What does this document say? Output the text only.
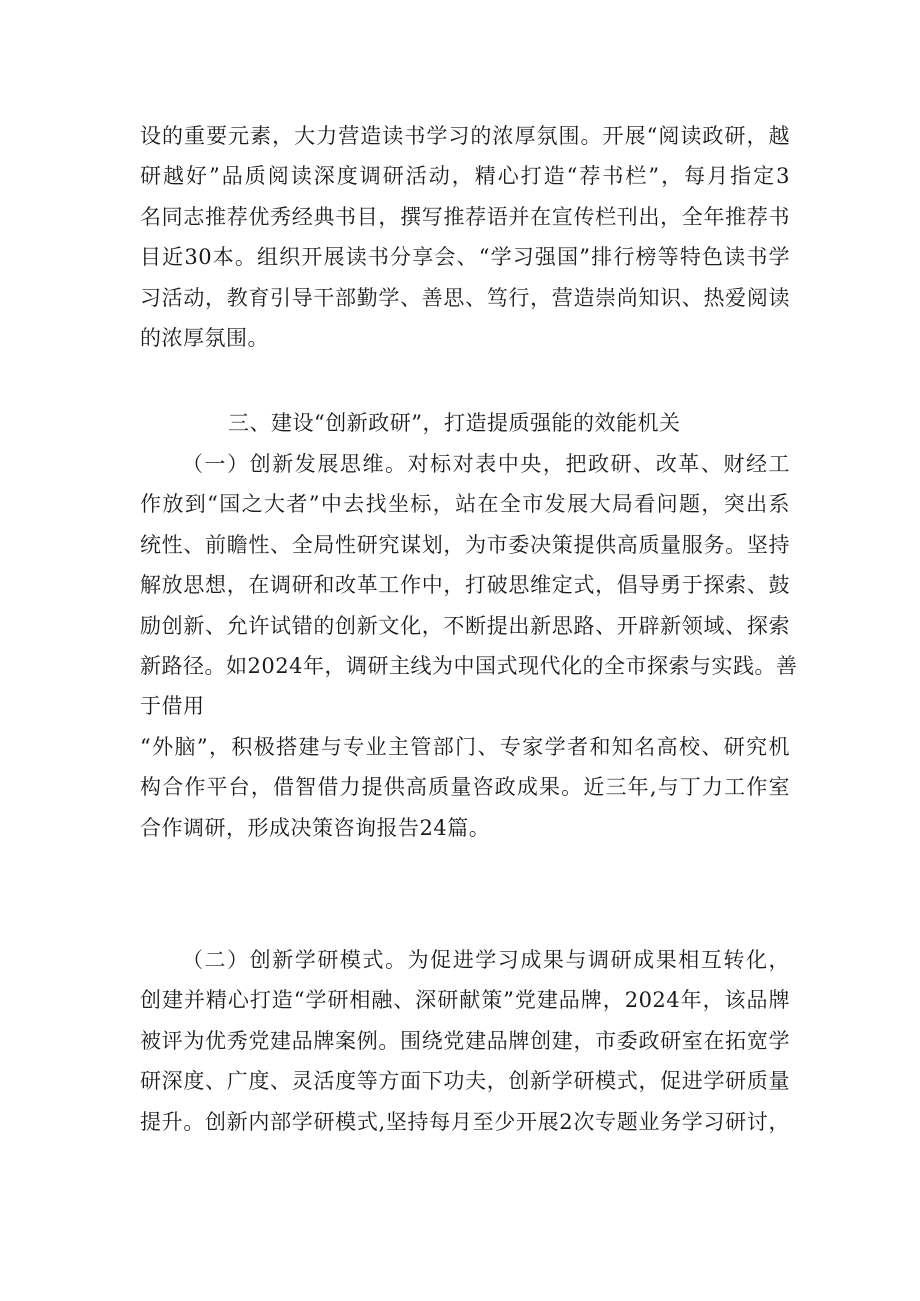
设的重要元素，大力营造读书学习的浓厚氛围。开展“阅读政研，越
研越好”品质阅读深度调研活动，精心打造“荐书栏”，每月指定3
名同志推荐优秀经典书目，撰写推荐语并在宣传栏刊出，全年推荐书
目近30本。组织开展读书分享会、“学习强国”排行榜等特色读书学
习活动，教育引导干部勤学、善思、笃行，营造崇尚知识、热爱阅读
的浓厚氛围。
三、建设“创新政研”，打造提质强能的效能机关
（一）创新发展思维。对标对表中央，把政研、改革、财经工
作放到“国之大者”中去找坐标，站在全市发展大局看问题，突出系
统性、前瞻性、全局性研究谋划，为市委决策提供高质量服务。坚持
解放思想，在调研和改革工作中，打破思维定式，倡导勇于探索、鼓
励创新、允许试错的创新文化，不断提出新思路、开辟新领域、探索
新路径。如2024年，调研主线为中国式现代化的全市探索与实践。善
于借用
“外脑”，积极搭建与专业主管部门、专家学者和知名高校、研究机
构合作平台，借智借力提供高质量咨政成果。近三年,与丁力工作室
合作调研，形成决策咨询报告24篇。
（二）创新学研模式。为促进学习成果与调研成果相互转化，
创建并精心打造“学研相融、深研献策”党建品牌，2024年，该品牌
被评为优秀党建品牌案例。围绕党建品牌创建，市委政研室在拓宽学
研深度、广度、灵活度等方面下功夫，创新学研模式，促进学研质量
提升。创新内部学研模式,坚持每月至少开展2次专题业务学习研讨，
